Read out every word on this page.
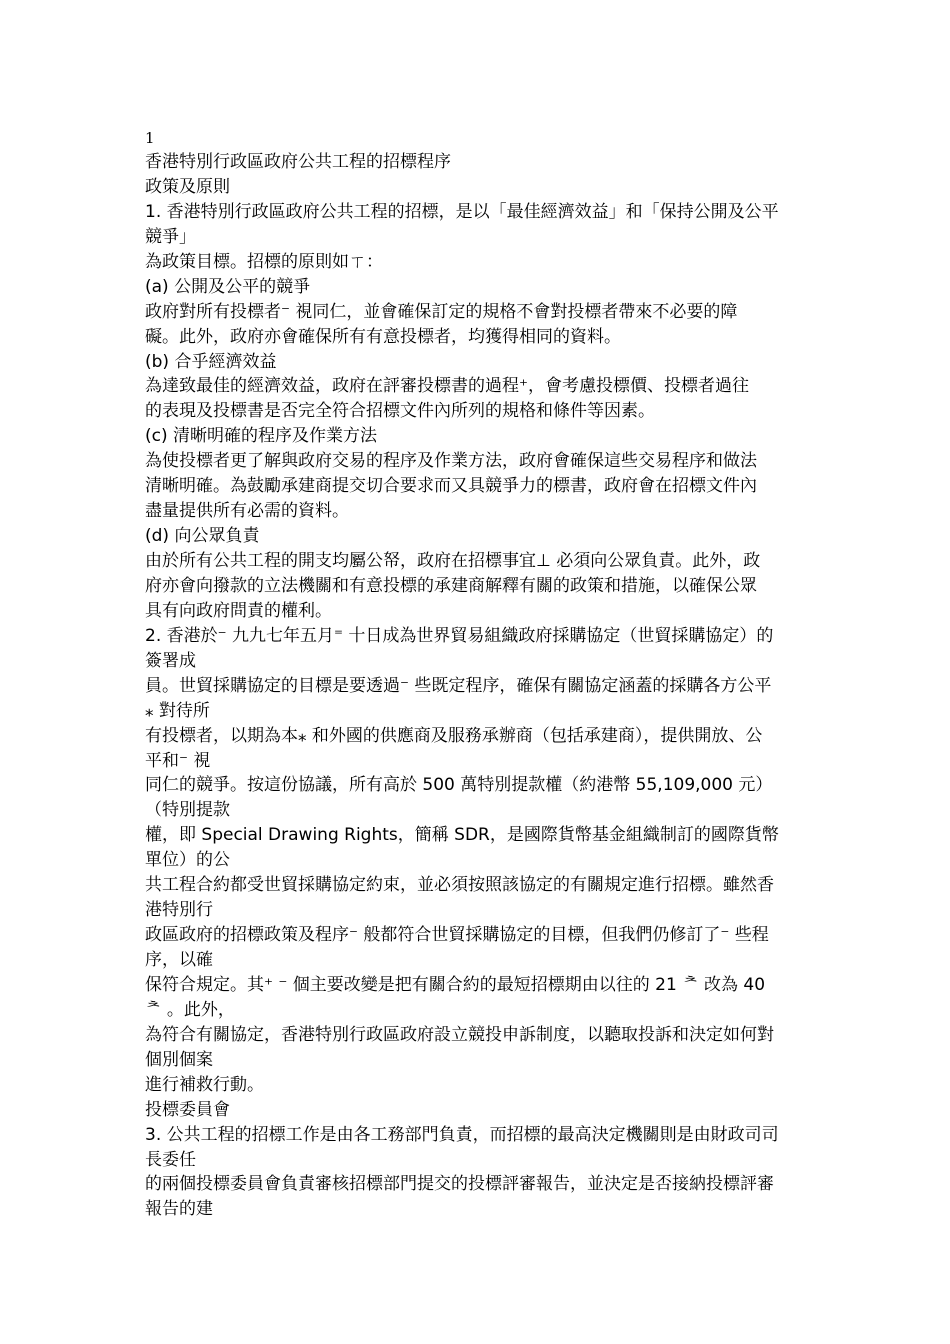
1
香港特別行政區政府公共工程的招標程序
政策及原則
1. 香港特別行政區政府公共工程的招標，是以「最佳經濟效益」和「保持公開及公平
競爭」
為政策目標。招標的原則如ㄒ：
(a) 公開及公平的競爭
政府對所有投標者⁻ 視同仁，並會確保訂定的規格不會對投標者帶來不必要的障
礙。此外，政府亦會確保所有有意投標者，均獲得相同的資料。
(b) 合乎經濟效益
為達致最佳的經濟效益，政府在評審投標書的過程⁺，會考慮投標價、投標者過往
的表現及投標書是否完全符合招標文件內所列的規格和條件等因素。
(c) 清晰明確的程序及作業方法
為使投標者更了解與政府交易的程序及作業方法，政府會確保這些交易程序和做法
清晰明確。為鼓勵承建商提交切合要求而又具競爭力的標書，政府會在招標文件內
盡量提供所有必需的資料。
(d) 向公眾負責
由於所有公共工程的開支均屬公帑，政府在招標事宜⊥ 必須向公眾負責。此外，政
府亦會向撥款的立法機關和有意投標的承建商解釋有關的政策和措施，以確保公眾
具有向政府問責的權利。
2. 香港於⁻ 九九七年五月⁼ 十日成為世界貿易組織政府採購協定（世貿採購協定）的
簽署成
員。世貿採購協定的目標是要透過⁻ 些既定程序，確保有關協定涵蓋的採購各方公平
⁎ 對待所
有投標者，以期為本⁎ 和外國的供應商及服務承辦商（包括承建商），提供開放、公
平和⁻ 視
同仁的競爭。按這份協議，所有高於 500 萬特別提款權（約港幣 55,109,000 元）
（特別提款
權，即 Special Drawing Rights，簡稱 SDR，是國際貨幣基金組織制訂的國際貨幣
單位）的公
共工程合約都受世貿採購協定約束，並必須按照該協定的有關規定進行招標。雖然香
港特別行
政區政府的招標政策及程序⁻ 般都符合世貿採購協定的目標，但我們仍修訂了⁻ 些程
序，以確
保符合規定。其⁺ ⁻ 個主要改變是把有關合約的最短招標期由以往的 21 ᄎ 改為 40
ᄎ 。此外，
為符合有關協定，香港特別行政區政府設立競投申訴制度，以聽取投訴和決定如何對
個別個案
進行補救行動。
投標委員會
3. 公共工程的招標工作是由各工務部門負責，而招標的最高決定機關則是由財政司司
長委任
的兩個投標委員會負責審核招標部門提交的投標評審報告，並決定是否接納投標評審
報告的建
